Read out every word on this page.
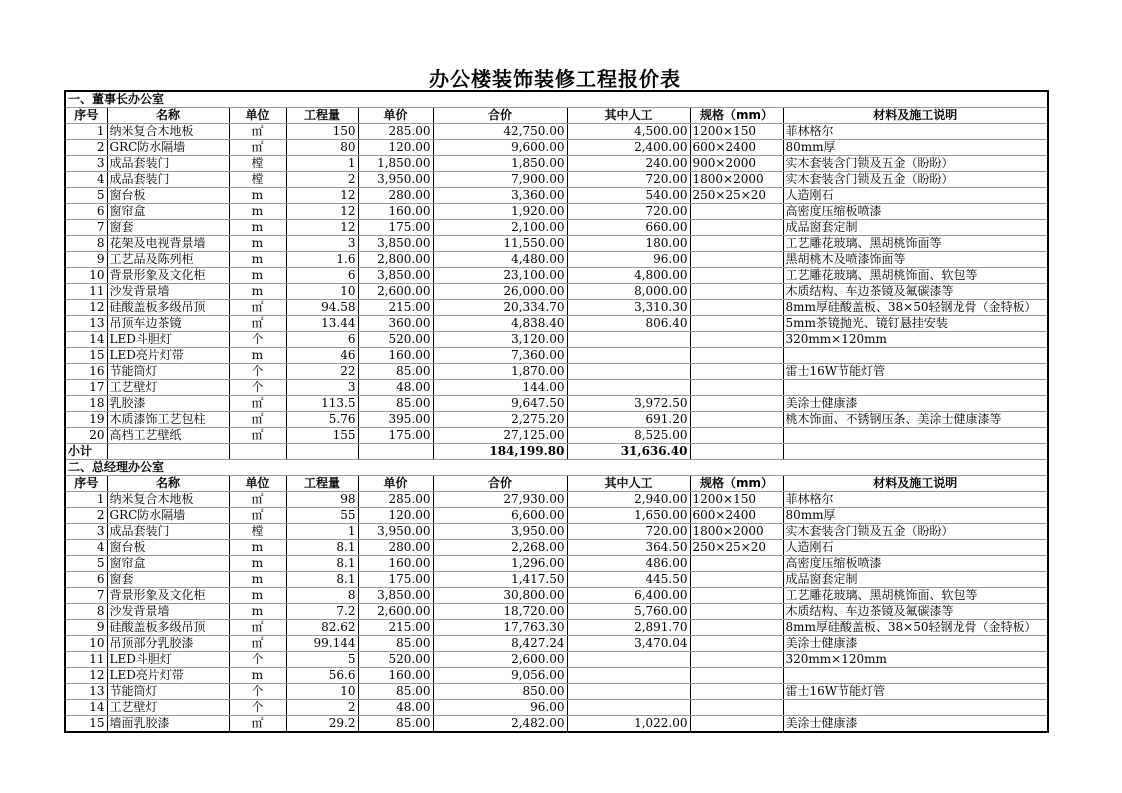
办公楼装饰装修工程报价表
一、董事长办公室								
序号	名称	单位	工程量	单价	合价	其中人工	规格（mm）	材料及施工说明
1	纳米复合木地板	㎡	150	285.00	42,750.00	4,500.00	1200×150	菲林格尔
2	GRC防水隔墙	㎡	80	120.00	9,600.00	2,400.00	600×2400	80mm厚
3	成品套装门	樘	1	1,850.00	1,850.00	240.00	900×2000	实木套装含门锁及五金（盼盼）
4	成品套装门	樘	2	3,950.00	7,900.00	720.00	1800×2000	实木套装含门锁及五金（盼盼）
5	窗台板	m	12	280.00	3,360.00	540.00	250×25×20	人造刚石
6	窗帘盒	m	12	160.00	1,920.00	720.00		高密度压缩板喷漆
7	窗套	m	12	175.00	2,100.00	660.00		成品窗套定制
8	花架及电视背景墙	m	3	3,850.00	11,550.00	180.00		工艺雕花玻璃、黑胡桃饰面等
9	工艺品及陈列柜	m	1.6	2,800.00	4,480.00	96.00		黑胡桃木及喷漆饰面等
10	背景形象及文化柜	m	6	3,850.00	23,100.00	4,800.00		工艺雕花玻璃、黑胡桃饰面、软包等
11	沙发背景墙	m	10	2,600.00	26,000.00	8,000.00		木质结构、车边茶镜及氟碳漆等
12	硅酸盖板多级吊顶	㎡	94.58	215.00	20,334.70	3,310.30		8mm厚硅酸盖板、38×50轻钢龙骨（金特板）
13	吊顶车边茶镜	㎡	13.44	360.00	4,838.40	806.40		5mm茶镜抛光、镜钉悬挂安装
14	LED斗胆灯	个	6	520.00	3,120.00			320mm×120mm
15	LED亮片灯带	m	46	160.00	7,360.00			
16	节能筒灯	个	22	85.00	1,870.00			雷士16W节能灯管
17	工艺壁灯	个	3	48.00	144.00			
18	乳胶漆	㎡	113.5	85.00	9,647.50	3,972.50		美涂士健康漆
19	木质漆饰工艺包柱	㎡	5.76	395.00	2,275.20	691.20		桃木饰面、不锈钢压条、美涂士健康漆等
20	高档工艺壁纸	㎡	155	175.00	27,125.00	8,525.00		
小计					184,199.80	31,636.40		
二、总经理办公室								
序号	名称	单位	工程量	单价	合价	其中人工	规格（mm）	材料及施工说明
1	纳米复合木地板	㎡	98	285.00	27,930.00	2,940.00	1200×150	菲林格尔
2	GRC防水隔墙	㎡	55	120.00	6,600.00	1,650.00	600×2400	80mm厚
3	成品套装门	樘	1	3,950.00	3,950.00	720.00	1800×2000	实木套装含门锁及五金（盼盼）
4	窗台板	m	8.1	280.00	2,268.00	364.50	250×25×20	人造刚石
5	窗帘盒	m	8.1	160.00	1,296.00	486.00		高密度压缩板喷漆
6	窗套	m	8.1	175.00	1,417.50	445.50		成品窗套定制
7	背景形象及文化柜	m	8	3,850.00	30,800.00	6,400.00		工艺雕花玻璃、黑胡桃饰面、软包等
8	沙发背景墙	m	7.2	2,600.00	18,720.00	5,760.00		木质结构、车边茶镜及氟碳漆等
9	硅酸盖板多级吊顶	㎡	82.62	215.00	17,763.30	2,891.70		8mm厚硅酸盖板、38×50轻钢龙骨（金特板）
10	吊顶部分乳胶漆	㎡	99.144	85.00	8,427.24	3,470.04		美涂士健康漆
11	LED斗胆灯	个	5	520.00	2,600.00			320mm×120mm
12	LED亮片灯带	m	56.6	160.00	9,056.00			
13	节能筒灯	个	10	85.00	850.00			雷士16W节能灯管
14	工艺壁灯	个	2	48.00	96.00			
15	墙面乳胶漆	㎡	29.2	85.00	2,482.00	1,022.00		美涂士健康漆
